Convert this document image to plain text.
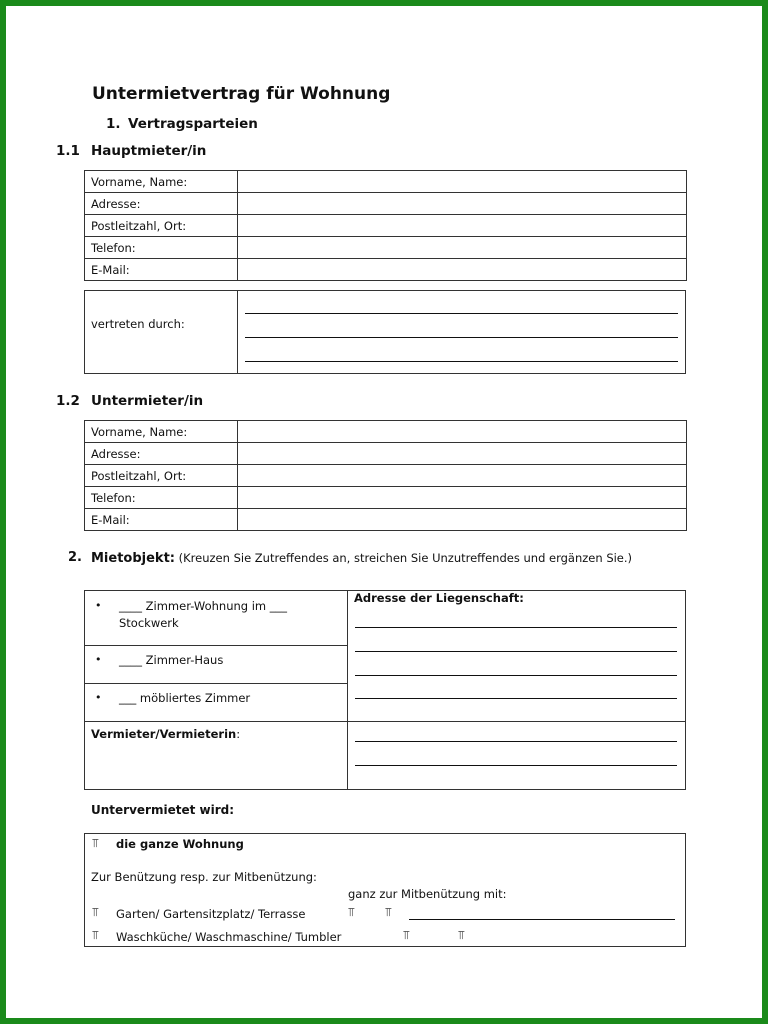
Untermietvertrag für Wohnung
1. Vertragsparteien
1.1 Hauptmieter/in
Vorname, Name:	
Adresse:	
Postleitzahl, Ort:	
Telefon:	
E-Mail:	
vertreten durch:
1.2 Untermieter/in
Vorname, Name:	
Adresse:	
Postleitzahl, Ort:	
Telefon:	
E-Mail:	
2. Mietobjekt: (Kreuzen Sie Zutreffendes an, streichen Sie Unzutreffendes und ergänzen Sie.)
• ____ Zimmer-Wohnung im ___ Stockwerk
• ____ Zimmer-Haus
• ___ möbliertes Zimmer
Adresse der Liegenschaft:
Vermieter/Vermieterin:
Untervermietet wird:
⫪ die ganze Wohnung
Zur Benützung resp. zur Mitbenützung:
ganz zur Mitbenützung mit:
⫪ Garten/ Gartensitzplatz/ Terrasse	⫪	⫪
⫪ Waschküche/ Waschmaschine/ Tumbler	⫪	⫪
